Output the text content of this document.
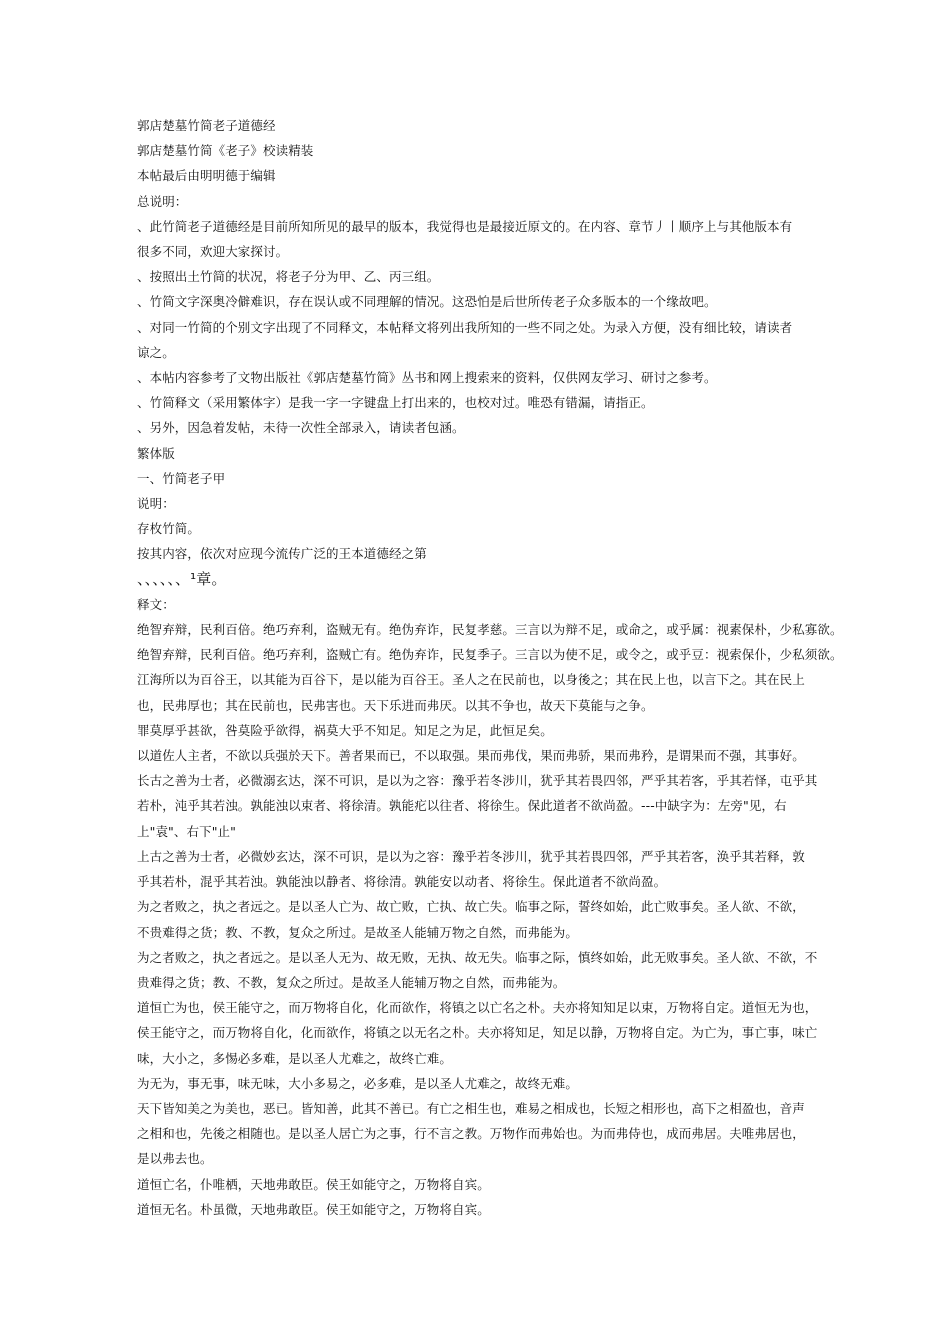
郭店楚墓竹简老子道德经
郭店楚墓竹简《老子》校读精装
本帖最后由明明德于编辑
总说明：
、此竹简老子道德经是目前所知所见的最早的版本，我觉得也是最接近原文的。在内容、章节丿丨顺序上与其他版本有
很多不同，欢迎大家探讨。
、按照出土竹简的状况，将老子分为甲、乙、丙三组。
、竹简文字深奥冷僻难识，存在误认或不同理解的情况。这恐怕是后世所传老子众多版本的一个缘故吧。
、对同一竹简的个别文字出现了不同释文，本帖释文将列出我所知的一些不同之处。为录入方便，没有细比较，请读者
谅之。
、本帖内容参考了文物出版社《郭店楚墓竹简》丛书和网上搜索来的资料，仅供网友学习、研讨之参考。
、竹简释文（采用繁体字）是我一字一字键盘上打出来的，也校对过。唯恐有错漏，请指正。
、另外，因急着发帖，未待一次性全部录入，请读者包涵。
繁体版
一、竹简老子甲
说明：
存枚竹简。
按其内容，依次对应现今流传广泛的王本道德经之第
、、、、、、¹章。
释文：
绝智弃辩，民利百倍。绝巧弃利，盗贼无有。绝伪弃诈，民复孝慈。三言以为辩不足，或命之，或乎属：视素保朴，少私寡欲。
绝智弃辩，民利百倍。绝巧弃利，盗贼亡有。绝伪弃诈，民复季子。三言以为使不足，或令之，或乎豆：视索保仆，少私须欲。
江海所以为百谷王，以其能为百谷下，是以能为百谷王。圣人之在民前也，以身後之；其在民上也，以言下之。其在民上
也，民弗厚也；其在民前也，民弗害也。天下乐进而弗厌。以其不争也，故天下莫能与之争。
罪莫厚乎甚欲，咎莫险乎欲得，祸莫大乎不知足。知足之为足，此恒足矣。
以道佐人主者，不欲以兵强於天下。善者果而已，不以取强。果而弗伐，果而弗骄，果而弗矜，是谓果而不强，其事好。
长古之善为士者，必微溺玄达，深不可识，是以为之容：豫乎若冬涉川，犹乎其若畏四邻，严乎其若客，乎其若怿，屯乎其
若朴，沌乎其若浊。孰能浊以束者、将徐清。孰能疕以往者、将徐生。保此道者不欲尚盈。---中缺字为：左旁"见，右
上"袁"、右下"止"
上古之善为士者，必微妙玄达，深不可识，是以为之容：豫乎若冬涉川，犹乎其若畏四邻，严乎其若客，涣乎其若释，敦
乎其若朴，混乎其若浊。孰能浊以静者、将徐清。孰能安以动者、将徐生。保此道者不欲尚盈。
为之者败之，执之者远之。是以圣人亡为、故亡败，亡执、故亡失。临事之际，誓终如始，此亡败事矣。圣人欲、不欲，
不贵难得之货；教、不教，复众之所过。是故圣人能辅万物之自然，而弗能为。
为之者败之，执之者远之。是以圣人无为、故无败，无执、故无失。临事之际，慎终如始，此无败事矣。圣人欲、不欲，不
贵难得之货；教、不教，复众之所过。是故圣人能辅万物之自然，而弗能为。
道恒亡为也，侯王能守之，而万物将自化，化而欲作，将镇之以亡名之朴。夫亦将知知足以束，万物将自定。道恒无为也，
侯王能守之，而万物将自化，化而欲作，将镇之以无名之朴。夫亦将知足，知足以静，万物将自定。为亡为，事亡事，味亡
味，大小之，多惕必多难，是以圣人尤难之，故终亡难。
为无为，事无事，味无味，大小多易之，必多难，是以圣人尤难之，故终无难。
天下皆知美之为美也，恶已。皆知善，此其不善已。有亡之相生也，难易之相成也，长短之相形也，高下之相盈也，音声
之相和也，先後之相随也。是以圣人居亡为之事，行不言之教。万物作而弗始也。为而弗侍也，成而弗居。夫唯弗居也，
是以弗去也。
道恒亡名，仆唯栖，天地弗敢臣。侯王如能守之，万物将自宾。
道恒无名。朴虽微，天地弗敢臣。侯王如能守之，万物将自宾。
